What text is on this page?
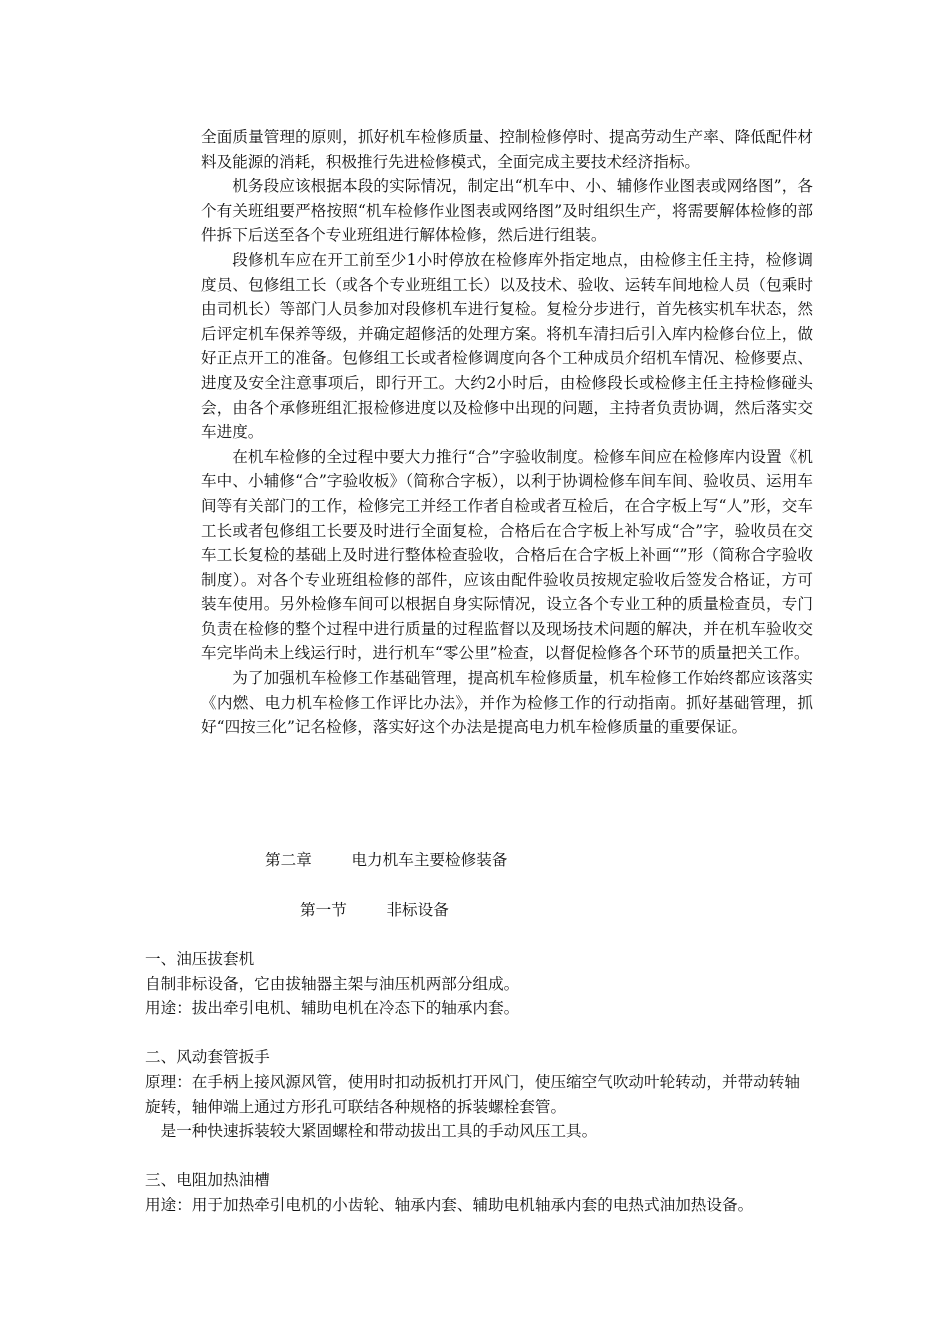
全面质量管理的原则，抓好机车检修质量、控制检修停时、提高劳动生产率、降低配件材料及能源的消耗，积极推行先进检修模式，全面完成主要技术经济指标。

机务段应该根据本段的实际情况，制定出“机车中、小、辅修作业图表或网络图”，各个有关班组要严格按照“机车检修作业图表或网络图”及时组织生产，将需要解体检修的部件拆下后送至各个专业班组进行解体检修，然后进行组装。

段修机车应在开工前至少1小时停放在检修库外指定地点，由检修主任主持，检修调度员、包修组工长（或各个专业班组工长）以及技术、验收、运转车间地检人员（包乘时由司机长）等部门人员参加对段修机车进行复检。复检分步进行，首先核实机车状态，然后评定机车保养等级，并确定超修活的处理方案。将机车清扫后引入库内检修台位上，做好正点开工的准备。包修组工长或者检修调度向各个工种成员介绍机车情况、检修要点、进度及安全注意事项后，即行开工。大约2小时后，由检修段长或检修主任主持检修碰头会，由各个承修班组汇报检修进度以及检修中出现的问题，主持者负责协调，然后落实交车进度。

在机车检修的全过程中要大力推行“合”字验收制度。检修车间应在检修库内设置《机车中、小辅修“合”字验收板》（简称合字板），以利于协调检修车间车间、验收员、运用车间等有关部门的工作，检修完工并经工作者自检或者互检后，在合字板上写“人”形，交车工长或者包修组工长要及时进行全面复检，合格后在合字板上补写成“合”字，验收员在交车工长复检的基础上及时进行整体检查验收，合格后在合字板上补画“”形（简称合字验收制度）。对各个专业班组检修的部件，应该由配件验收员按规定验收后签发合格证，方可装车使用。另外检修车间可以根据自身实际情况，设立各个专业工种的质量检查员，专门负责在检修的整个过程中进行质量的过程监督以及现场技术问题的解决，并在机车验收交车完毕尚未上线运行时，进行机车“零公里”检查，以督促检修各个环节的质量把关工作。

为了加强机车检修工作基础管理，提高机车检修质量，机车检修工作始终都应该落实《内燃、电力机车检修工作评比办法》，并作为检修工作的行动指南。抓好基础管理，抓好“四按三化”记名检修，落实好这个办法是提高电力机车检修质量的重要保证。

第二章	电力机车主要检修装备
第一节	非标设备

一、油压拔套机

自制非标设备，它由拔轴器主架与油压机两部分组成。

用途：拔出牵引电机、辅助电机在冷态下的轴承内套。

二、风动套管扳手

原理：在手柄上接风源风管，使用时扣动扳机打开风门，使压缩空气吹动叶轮转动，并带动转轴旋转，轴伸端上通过方形孔可联结各种规格的拆装螺栓套管。

是一种快速拆装较大紧固螺栓和带动拔出工具的手动风压工具。

三、电阻加热油槽

用途：用于加热牵引电机的小齿轮、轴承内套、辅助电机轴承内套的电热式油加热设备。
